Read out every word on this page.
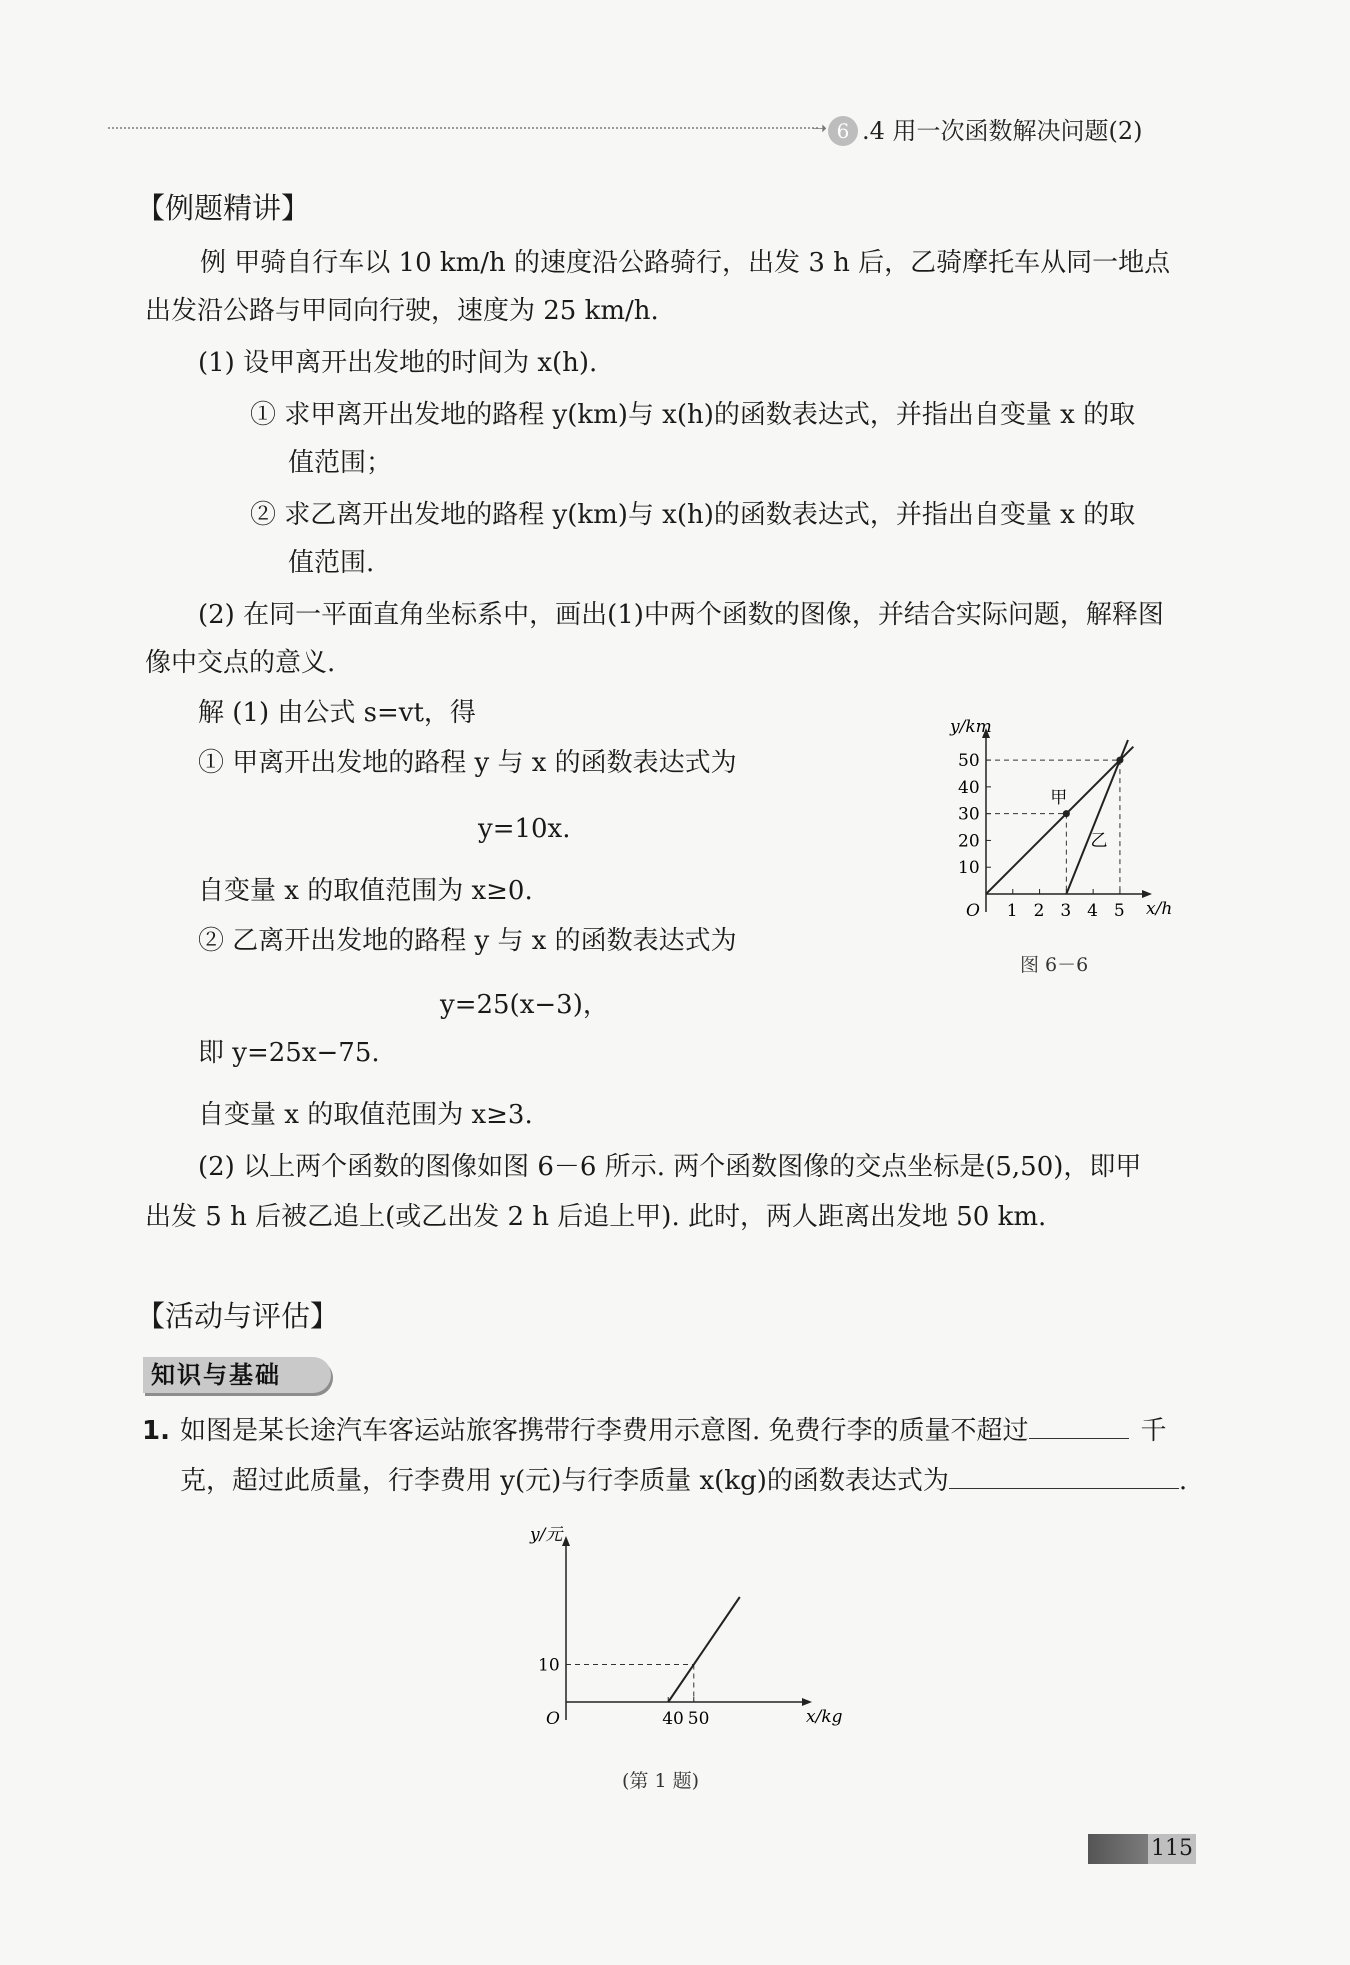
➝ 6 .4 用一次函数解决问题(2)
【例题精讲】
例 甲骑自行车以 10 km/h 的速度沿公路骑行，出发 3 h 后，乙骑摩托车从同一地点
出发沿公路与甲同向行驶，速度为 25 km/h.
(1) 设甲离开出发地的时间为 x(h).
① 求甲离开出发地的路程 y(km)与 x(h)的函数表达式，并指出自变量 x 的取
值范围；
② 求乙离开出发地的路程 y(km)与 x(h)的函数表达式，并指出自变量 x 的取
值范围.
(2) 在同一平面直角坐标系中，画出(1)中两个函数的图像，并结合实际问题，解释图
像中交点的意义.
解 (1) 由公式 s=vt，得
① 甲离开出发地的路程 y 与 x 的函数表达式为
y=10x.
自变量 x 的取值范围为 x≥0.
② 乙离开出发地的路程 y 与 x 的函数表达式为
y=25(x−3)，
即 y=25x−75.
自变量 x 的取值范围为 x≥3.
(2) 以上两个函数的图像如图 6－6 所示. 两个函数图像的交点坐标是(5,50)，即甲
出发 5 h 后被乙追上(或乙出发 2 h 后追上甲). 此时，两人距离出发地 50 km.
x/h
y/km
O 1 2 3 4 5
10
20
30
40
50
甲
乙
图 6－6
【活动与评估】
知识与基础
1. 如图是某长途汽车客运站旅客携带行李费用示意图. 免费行李的质量不超过	千
克，超过此质量，行李费用 y(元)与行李质量 x(kg)的函数表达式为	.
x/kg
y/元
O	40 50
10
(第 1 题)
115
